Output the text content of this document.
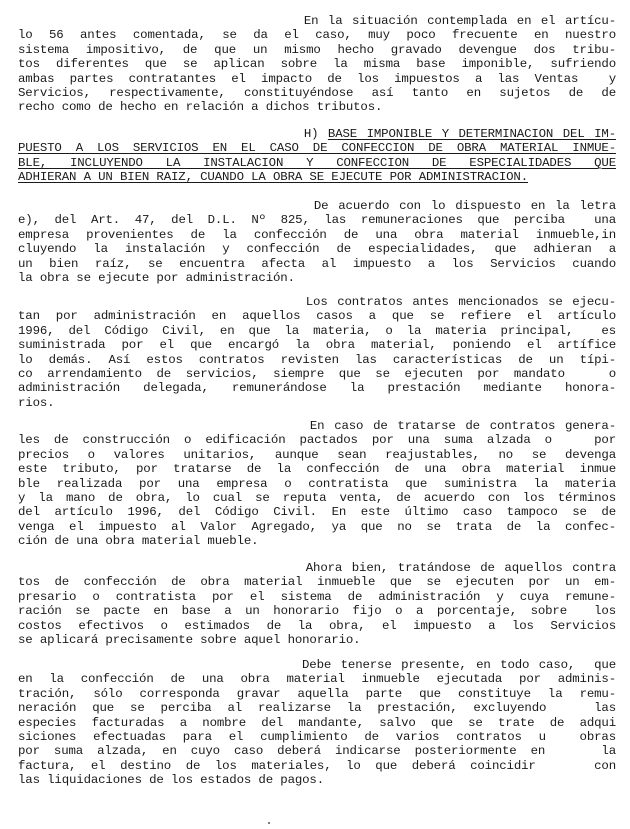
En la situación contemplada en el artícu-
lo 56 antes comentada, se da el caso, muy poco frecuente en nuestro
sistema impositivo, de que un mismo hecho gravado devengue dos tribu-
tos diferentes que se aplican sobre la misma base imponible, sufriendo
ambas partes contratantes el impacto de los impuestos a las Ventas  y
Servicios, respectivamente, constituyéndose así tanto en sujetos de de
recho como de hecho en relación a dichos tributos.
H) BASE IMPONIBLE Y DETERMINACION DEL IM-
PUESTO A LOS SERVICIOS EN EL CASO DE CONFECCION DE OBRA MATERIAL INMUE-
BLE, INCLUYENDO LA INSTALACION Y CONFECCION DE ESPECIALIDADES QUE
ADHIERAN A UN BIEN RAIZ, CUANDO LA OBRA SE EJECUTE POR ADMINISTRACION.
De acuerdo con lo dispuesto en la letra
e), del Art. 47, del D.L. Nº 825, las remuneraciones que perciba  una
empresa provenientes de la confección de una obra material inmueble,in
cluyendo la instalación y confección de especialidades, que adhieran a
un bien raíz, se encuentra afecta al impuesto a los Servicios cuando
la obra se ejecute por administración.
Los contratos antes mencionados se ejecu-
tan por administración en aquellos casos a que se refiere el artículo
1996, del Código Civil, en que la materia, o la materia principal,  es
suministrada por el que encargó la obra material, poniendo el artífice
lo demás. Así estos contratos revisten las características de un típi-
co arrendamiento de servicios, siempre que se ejecuten por mandato   o
administración delegada, remunerándose la prestación mediante honora-
rios.
En caso de tratarse de contratos genera-
les de construcción o edificación pactados por una suma alzada o   por
precios o valores unitarios, aunque sean reajustables, no se devenga
este tributo, por tratarse de la confección de una obra material inmue
ble realizada por una empresa o contratista que suministra la materia
y la mano de obra, lo cual se reputa venta, de acuerdo con los términos
del artículo 1996, del Código Civil. En este último caso tampoco se de
venga el impuesto al Valor Agregado, ya que no se trata de la confec-
ción de una obra material mueble.
Ahora bien, tratándose de aquellos contra
tos de confección de obra material inmueble que se ejecuten por un em-
presario o contratista por el sistema de administración y cuya remune-
ración se pacte en base a un honorario fijo o a porcentaje, sobre  los
costos efectivos o estimados de la obra, el impuesto a los Servicios
se aplicará precisamente sobre aquel honorario.
Debe tenerse presente, en todo caso,  que
en la confección de una obra material inmueble ejecutada por adminis-
tración, sólo corresponda gravar aquella parte que constituye la remu-
neración que se perciba al realizarse la prestación, excluyendo   las
especies facturadas a nombre del mandante, salvo que se trate de adqui
siciones efectuadas para el cumplimiento de varios contratos u  obras
por suma alzada, en cuyo caso deberá indicarse posteriormente en    la
factura, el destino de los materiales, lo que deberá coincidir    con
las liquidaciones de los estados de pagos.
